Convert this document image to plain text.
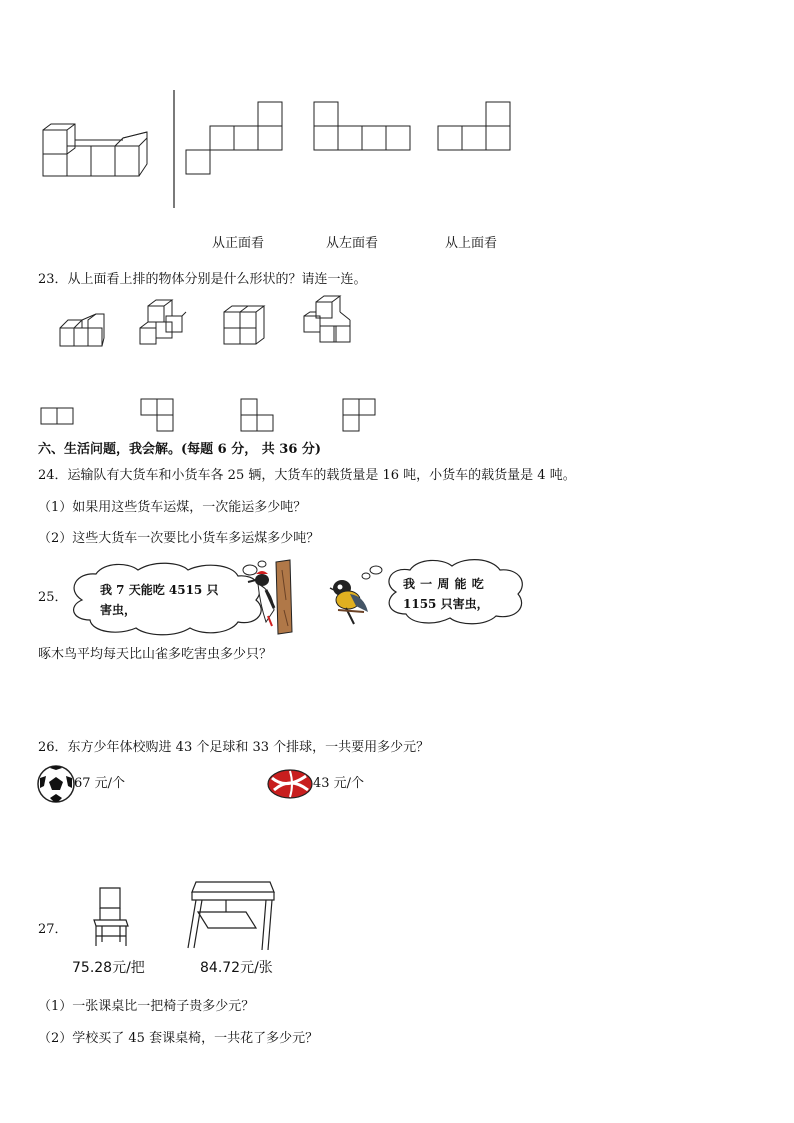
从正面看	从左面看	从上面看
23．从上面看上排的物体分别是什么形状的？请连一连。
六、生活问题，我会解。(每题 6 分， 共 36 分)
24．运输队有大货车和小货车各 25 辆，大货车的载货量是 16 吨，小货车的载货量是 4 吨。
（1）如果用这些货车运煤，一次能运多少吨？
（2）这些大货车一次要比小货车多运煤多少吨？
25．	我 7 天能吃 4515 只
害虫，
我 一 周 能 吃
1155 只害虫，
啄木鸟平均每天比山雀多吃害虫多少只？
26．东方少年体校购进 43 个足球和 33 个排球，一共要用多少元？
67 元/个	43 元/个
27．
75.28元/把	84.72元/张
（1）一张课桌比一把椅子贵多少元？
（2）学校买了 45 套课桌椅，一共花了多少元？
